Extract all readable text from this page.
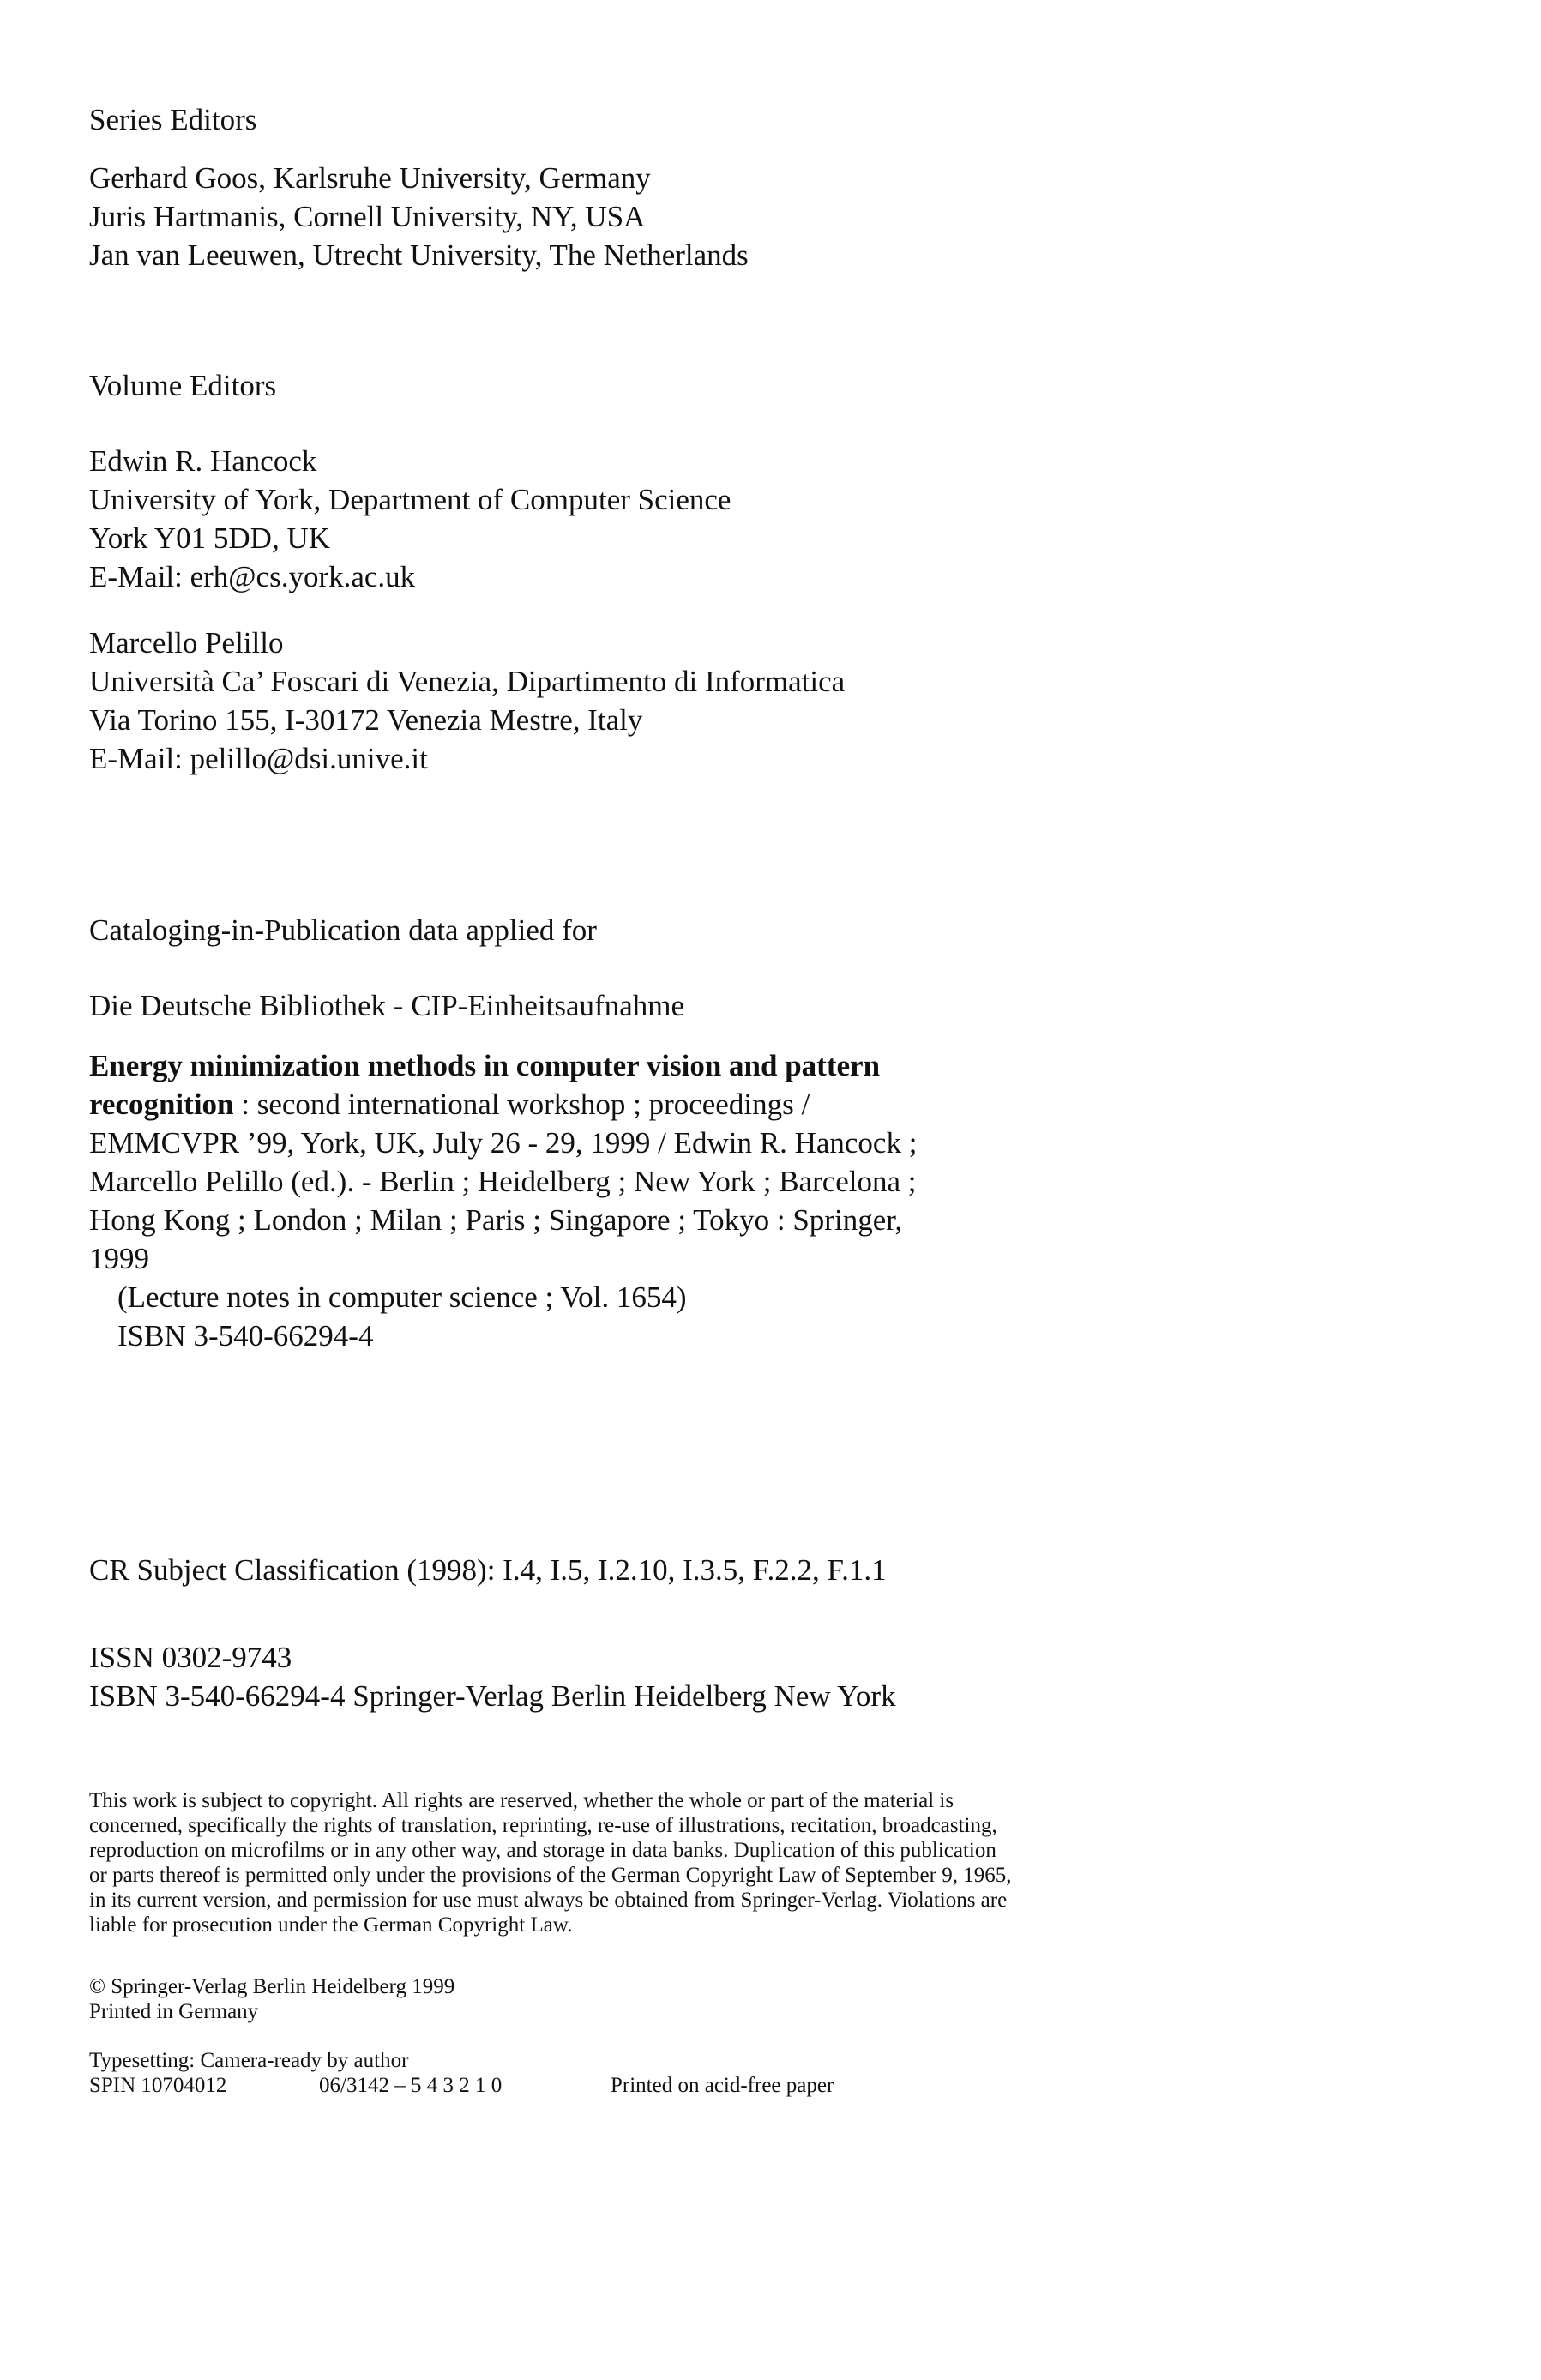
Series Editors
Gerhard Goos, Karlsruhe University, Germany
Juris Hartmanis, Cornell University, NY, USA
Jan van Leeuwen, Utrecht University, The Netherlands
Volume Editors
Edwin R. Hancock
University of York, Department of Computer Science
York Y01 5DD, UK
E-Mail: erh@cs.york.ac.uk
Marcello Pelillo
Università Ca’ Foscari di Venezia, Dipartimento di Informatica
Via Torino 155, I-30172 Venezia Mestre, Italy
E-Mail: pelillo@dsi.unive.it
Cataloging-in-Publication data applied for
Die Deutsche Bibliothek - CIP-Einheitsaufnahme
Energy minimization methods in computer vision and pattern
recognition : second international workshop ; proceedings /
EMMCVPR ’99, York, UK, July 26 - 29, 1999 / Edwin R. Hancock ;
Marcello Pelillo (ed.). - Berlin ; Heidelberg ; New York ; Barcelona ;
Hong Kong ; London ; Milan ; Paris ; Singapore ; Tokyo : Springer,
1999
(Lecture notes in computer science ; Vol. 1654)
ISBN 3-540-66294-4
CR Subject Classification (1998): I.4, I.5, I.2.10, I.3.5, F.2.2, F.1.1
ISSN 0302-9743
ISBN 3-540-66294-4 Springer-Verlag Berlin Heidelberg New York
This work is subject to copyright. All rights are reserved, whether the whole or part of the material is
concerned, specifically the rights of translation, reprinting, re-use of illustrations, recitation, broadcasting,
reproduction on microfilms or in any other way, and storage in data banks. Duplication of this publication
or parts thereof is permitted only under the provisions of the German Copyright Law of September 9, 1965,
in its current version, and permission for use must always be obtained from Springer-Verlag. Violations are
liable for prosecution under the German Copyright Law.
© Springer-Verlag Berlin Heidelberg 1999
Printed in Germany
Typesetting: Camera-ready by author
SPIN 10704012	06/3142 – 5 4 3 2 1 0	Printed on acid-free paper
